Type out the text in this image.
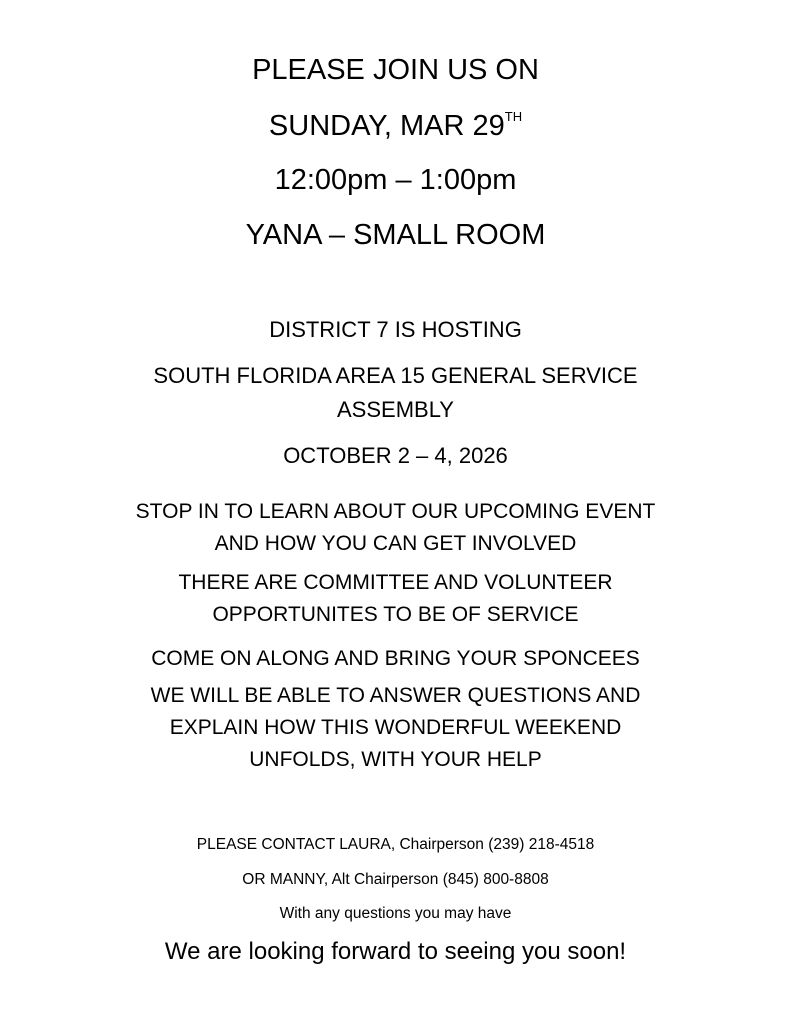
PLEASE JOIN US ON
SUNDAY, MAR 29TH
12:00pm – 1:00pm
YANA – SMALL ROOM
DISTRICT 7 IS HOSTING
SOUTH FLORIDA AREA 15 GENERAL SERVICE
ASSEMBLY
OCTOBER 2 – 4, 2026
STOP IN TO LEARN ABOUT OUR UPCOMING EVENT
AND HOW YOU CAN GET INVOLVED
THERE ARE COMMITTEE AND VOLUNTEER
OPPORTUNITES TO BE OF SERVICE
COME ON ALONG AND BRING YOUR SPONCEES
WE WILL BE ABLE TO ANSWER QUESTIONS AND
EXPLAIN HOW THIS WONDERFUL WEEKEND
UNFOLDS, WITH YOUR HELP
PLEASE CONTACT LAURA, Chairperson (239) 218-4518
OR MANNY, Alt Chairperson (845) 800-8808
With any questions you may have
We are looking forward to seeing you soon!
